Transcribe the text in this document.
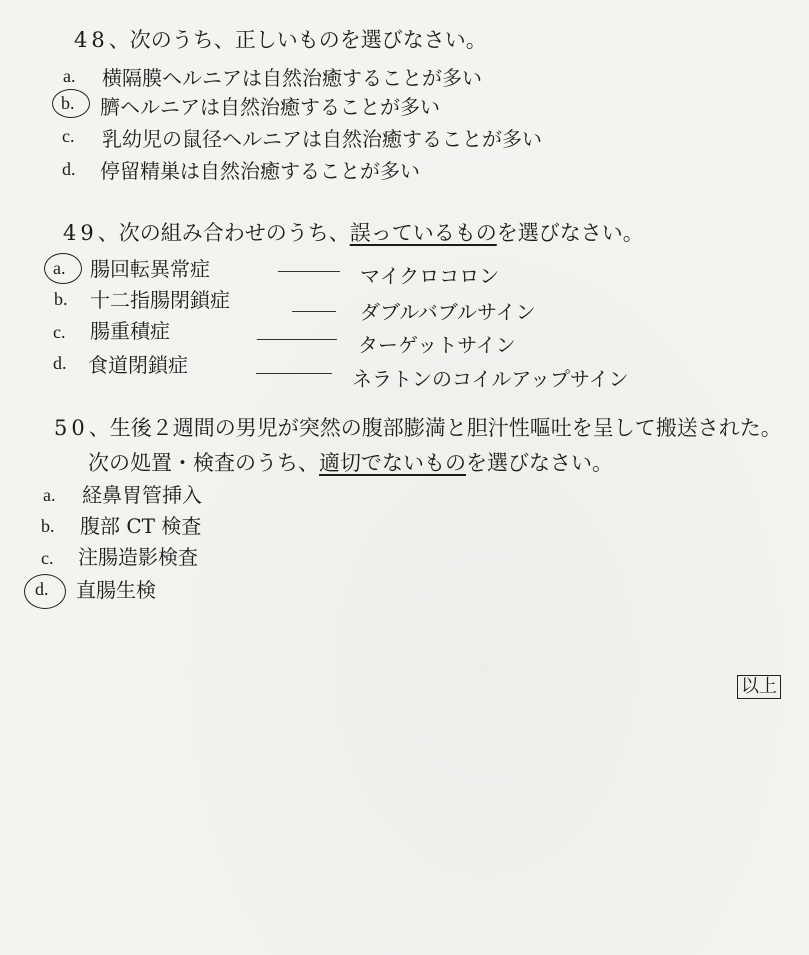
48、次のうち、正しいものを選びなさい。
a. 横隔膜ヘルニアは自然治癒することが多い
b. 臍ヘルニアは自然治癒することが多い
c. 乳幼児の鼠径ヘルニアは自然治癒することが多い
d. 停留精巣は自然治癒することが多い
49、次の組み合わせのうち、誤っているものを選びなさい。
a. 腸回転異常症	マイクロコロン
b. 十二指腸閉鎖症	ダブルバブルサイン
c. 腸重積症
ターゲットサイン
d. 食道閉鎖症
ネラトンのコイルアップサイン
50、生後２週間の男児が突然の腹部膨満と胆汁性嘔吐を呈して搬送された。
次の処置・検査のうち、適切でないものを選びなさい。
a. 経鼻胃管挿入
b. 腹部 CT 検査
c. 注腸造影検査
d. 直腸生検
以上
